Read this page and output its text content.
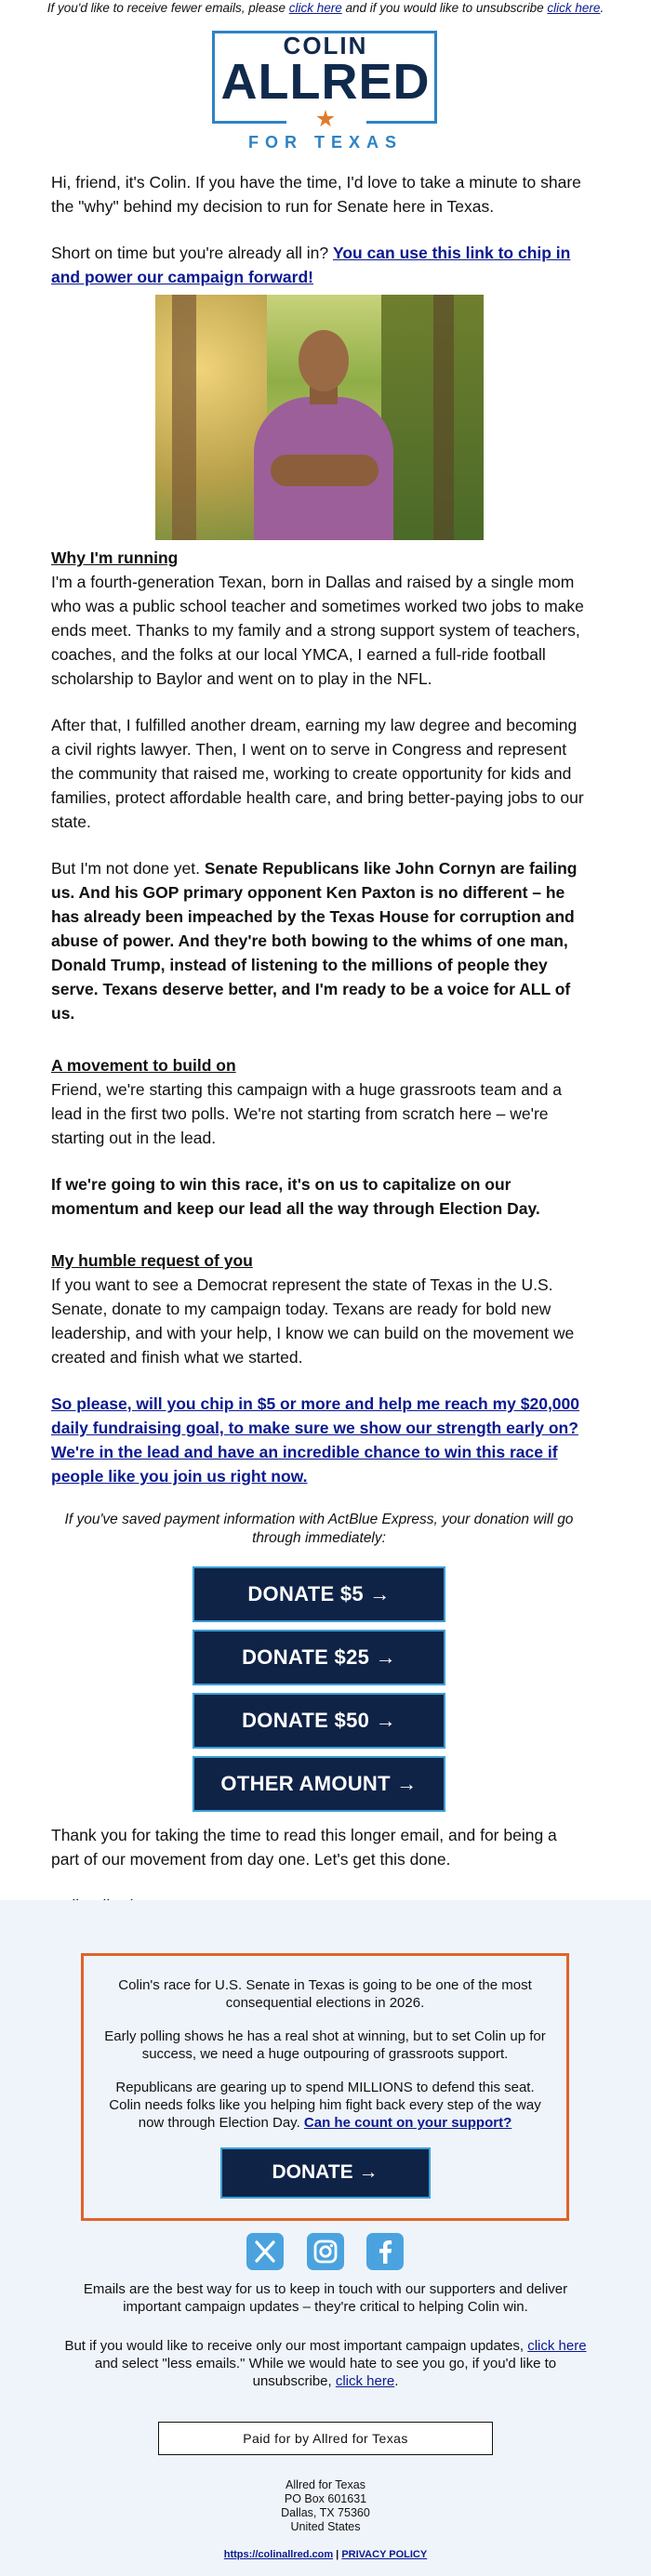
If you'd like to receive fewer emails, please click here and if you would like to unsubscribe click here.
COLIN
ALLRED
FOR TEXAS

Hi, friend, it's Colin. If you have the time, I'd love to take a minute to share the "why" behind my decision to run for Senate here in Texas.

Short on time but you're already all in? You can use this link to chip in and power our campaign forward!

Why I'm running

I'm a fourth-generation Texan, born in Dallas and raised by a single mom who was a public school teacher and sometimes worked two jobs to make ends meet. Thanks to my family and a strong support system of teachers, coaches, and the folks at our local YMCA, I earned a full-ride football scholarship to Baylor and went on to play in the NFL.

After that, I fulfilled another dream, earning my law degree and becoming a civil rights lawyer. Then, I went on to serve in Congress and represent the community that raised me, working to create opportunity for kids and families, protect affordable health care, and bring better-paying jobs to our state.

But I'm not done yet. Senate Republicans like John Cornyn are failing us. And his GOP primary opponent Ken Paxton is no different – he has already been impeached by the Texas House for corruption and abuse of power. And they're both bowing to the whims of one man, Donald Trump, instead of listening to the millions of people they serve. Texans deserve better, and I'm ready to be a voice for ALL of us.

A movement to build on

Friend, we're starting this campaign with a huge grassroots team and a lead in the first two polls. We're not starting from scratch here – we're starting out in the lead.

If we're going to win this race, it's on us to capitalize on our momentum and keep our lead all the way through Election Day.

My humble request of you

If you want to see a Democrat represent the state of Texas in the U.S. Senate, donate to my campaign today. Texans are ready for bold new leadership, and with your help, I know we can build on the movement we created and finish what we started.

So please, will you chip in $5 or more and help me reach my $20,000 daily fundraising goal, to make sure we show our strength early on? We're in the lead and have an incredible chance to win this race if people like you join us right now.

If you've saved payment information with ActBlue Express, your donation will go through immediately:

DONATE $5 →
DONATE $25 →
DONATE $50 →
OTHER AMOUNT →

Thank you for taking the time to read this longer email, and for being a part of our movement from day one. Let's get this done.

Colin's race for U.S. Senate in Texas is going to be one of the most consequential elections in 2026.

Early polling shows he has a real shot at winning, but to set Colin up for success, we need a huge outpouring of grassroots support.

Republicans are gearing up to spend MILLIONS to defend this seat. Colin needs folks like you helping him fight back every step of the way now through Election Day. Can he count on your support?

DONATE →
Emails are the best way for us to keep in touch with our supporters and deliver important campaign updates – they're critical to helping Colin win.
But if you would like to receive only our most important campaign updates, click here and select "less emails." While we would hate to see you go, if you'd like to unsubscribe, click here.
Paid for by Allred for Texas
Allred for Texas
PO Box 601631
Dallas, TX 75360
United States
https://colinallred.com | PRIVACY POLICY
